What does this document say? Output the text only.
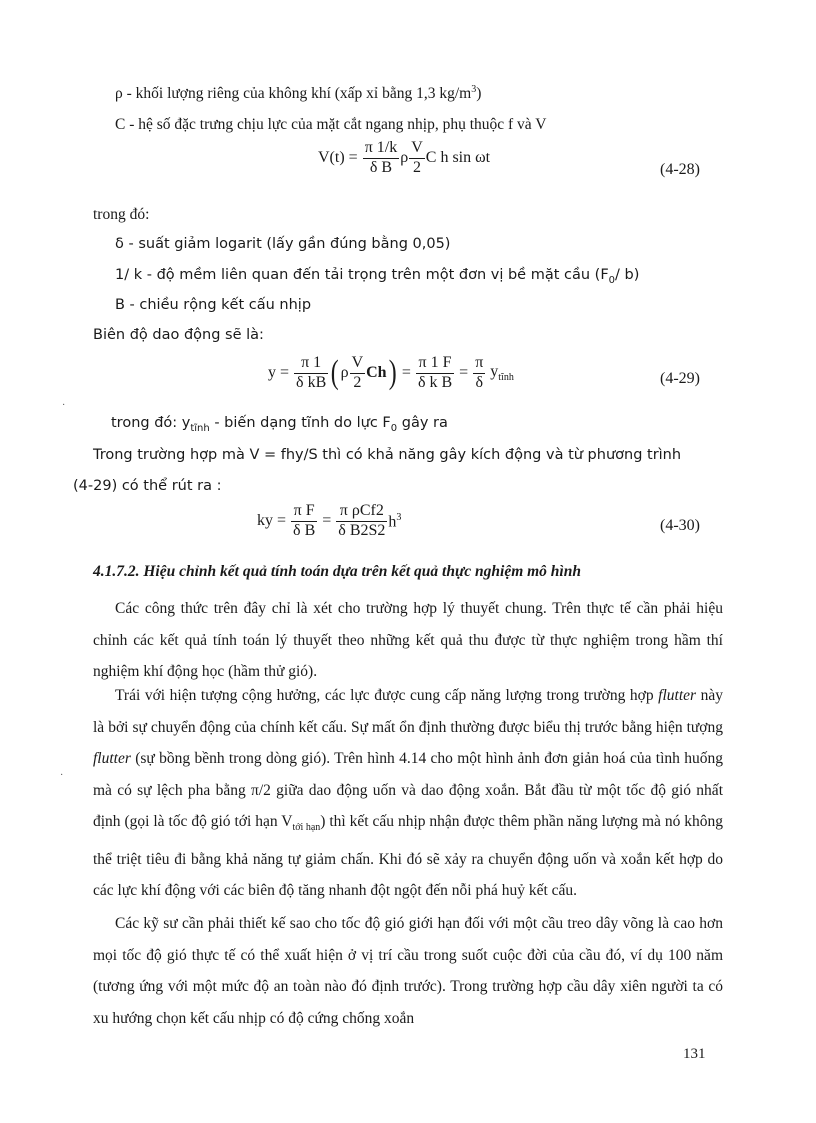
ρ - khối lượng riêng của không khí (xấp xỉ bằng 1,3 $kg/m^3$)
C - hệ số đặc trưng chịu lực của mặt cắt ngang nhịp, phụ thuộc f và V
V(t) =
$\frac{\pi 1/k}{\text{δ B}}$ ρ $\frac{V}{2}$ C h sin ωt
(4-28)
trong đó:
δ - suất giảm logarit (lấy gần đúng bằng 0,05)
1/ k - độ mềm liên quan đến tải trọng trên một đơn vị bề mặt cầu ($F_0/$ b)
B - chiều rộng kết cấu nhịp
Biên độ dao động sẽ là:
y =
$\frac{\pi 1}{\text{δ kB}}$ ( ρ $\frac{V}{2}$ Ch )
=
$\frac{\pi 1 F}{\text{δ k B}}$
=
$\frac{\pi}{\delta}$
$y_{tĩnh}$	(4-29)
trong đó: $y_{tĩnh}$ - biến dạng tĩnh do lực $F_0$ gây ra
Trong trường hợp mà V = fhy/S thì có khả năng gây kích động và từ phương trình
(4-29) có thể rút ra :
ky =
$\frac{\text{π F}}{\text{δ B}}$
=
$\frac{\text{π ρCf2}}{\text{δ B2S2}} h^3$	(4-30)
4.1.7.2. Hiệu chỉnh kết quả tính toán dựa trên kết quả thực nghiệm mô hình
Các công thức trên đây chỉ là xét cho trường hợp lý thuyết chung. Trên thực tế cần phải hiệu chỉnh các kết quả tính toán lý thuyết theo những kết quả thu được từ thực nghiệm trong hầm thí nghiệm khí động học (hầm thử gió).
Trái với hiện tượng cộng hưởng, các lực được cung cấp năng lượng trong trường hợp flutter này là bởi sự chuyển động của chính kết cấu. Sự mất ổn định thường được biểu thị trước bằng hiện tượng flutter (sự bồng bềnh trong dòng gió). Trên hình 4.14 cho một hình ảnh đơn giản hoá của tình huống mà có sự lệch pha bằng π/2 giữa dao động uốn và dao động xoắn. Bắt đầu từ một tốc độ gió nhất định (gọi là tốc độ gió tới hạn $V_{tới hạn}$) thì kết cấu nhịp nhận được thêm phần năng lượng mà nó không thể triệt tiêu đi bằng khả năng tự giảm chấn. Khi đó sẽ xảy ra chuyển động uốn và xoắn kết hợp do các lực khí động với các biên độ tăng nhanh đột ngột đến nỗi phá huỷ kết cấu.
Các kỹ sư cần phải thiết kế sao cho tốc độ gió giới hạn đối với một cầu treo dây võng là cao hơn mọi tốc độ gió thực tế có thể xuất hiện ở vị trí cầu trong suốt cuộc đời của cầu đó, ví dụ 100 năm (tương ứng với một mức độ an toàn nào đó định trước). Trong trường hợp cầu dây xiên người ta có xu hướng chọn kết cấu nhịp có độ cứng chống xoắn
131
·
·
